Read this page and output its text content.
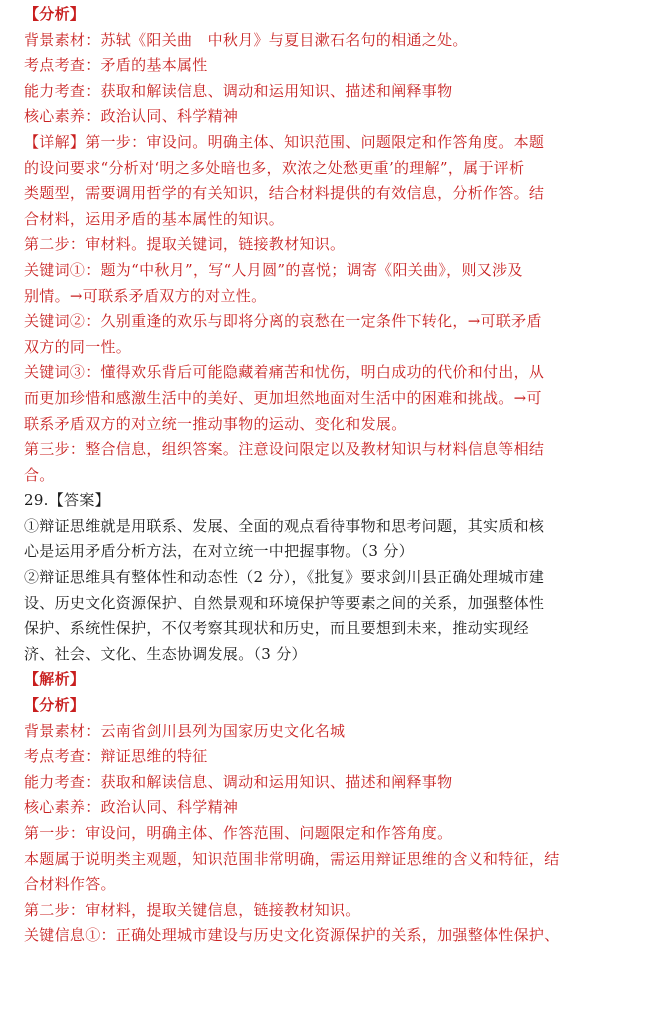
【分析】
背景素材：苏轼《阳关曲　中秋月》与夏目漱石名句的相通之处。
考点考查：矛盾的基本属性
能力考查：获取和解读信息、调动和运用知识、描述和阐释事物
核心素养：政治认同、科学精神
【详解】第一步：审设问。明确主体、知识范围、问题限定和作答角度。本题
的设问要求“分析对‘明之多处暗也多，欢浓之处愁更重’的理解”，属于评析
类题型，需要调用哲学的有关知识，结合材料提供的有效信息，分析作答。结
合材料，运用矛盾的基本属性的知识。
第二步：审材料。提取关键词，链接教材知识。
关键词①：题为“中秋月”，写“人月圆”的喜悦；调寄《阳关曲》，则又涉及
别情。→可联系矛盾双方的对立性。
关键词②：久别重逢的欢乐与即将分离的哀愁在一定条件下转化，→可联矛盾
双方的同一性。
关键词③：懂得欢乐背后可能隐藏着痛苦和忧伤，明白成功的代价和付出，从
而更加珍惜和感激生活中的美好、更加坦然地面对生活中的困难和挑战。→可
联系矛盾双方的对立统一推动事物的运动、变化和发展。
第三步：整合信息，组织答案。注意设问限定以及教材知识与材料信息等相结
合。
29.【答案】
①辩证思维就是用联系、发展、全面的观点看待事物和思考问题，其实质和核
心是运用矛盾分析方法，在对立统一中把握事物。（3 分）
②辩证思维具有整体性和动态性（2 分），《批复》要求剑川县正确处理城市建
设、历史文化资源保护、自然景观和环境保护等要素之间的关系，加强整体性
保护、系统性保护，不仅考察其现状和历史，而且要想到未来，推动实现经
济、社会、文化、生态协调发展。（3 分）
【解析】
【分析】
背景素材：云南省剑川县列为国家历史文化名城
考点考查：辩证思维的特征
能力考查：获取和解读信息、调动和运用知识、描述和阐释事物
核心素养：政治认同、科学精神
第一步：审设问，明确主体、作答范围、问题限定和作答角度。
本题属于说明类主观题，知识范围非常明确，需运用辩证思维的含义和特征，结
合材料作答。
第二步：审材料，提取关键信息，链接教材知识。
关键信息①：正确处理城市建设与历史文化资源保护的关系，加强整体性保护、
